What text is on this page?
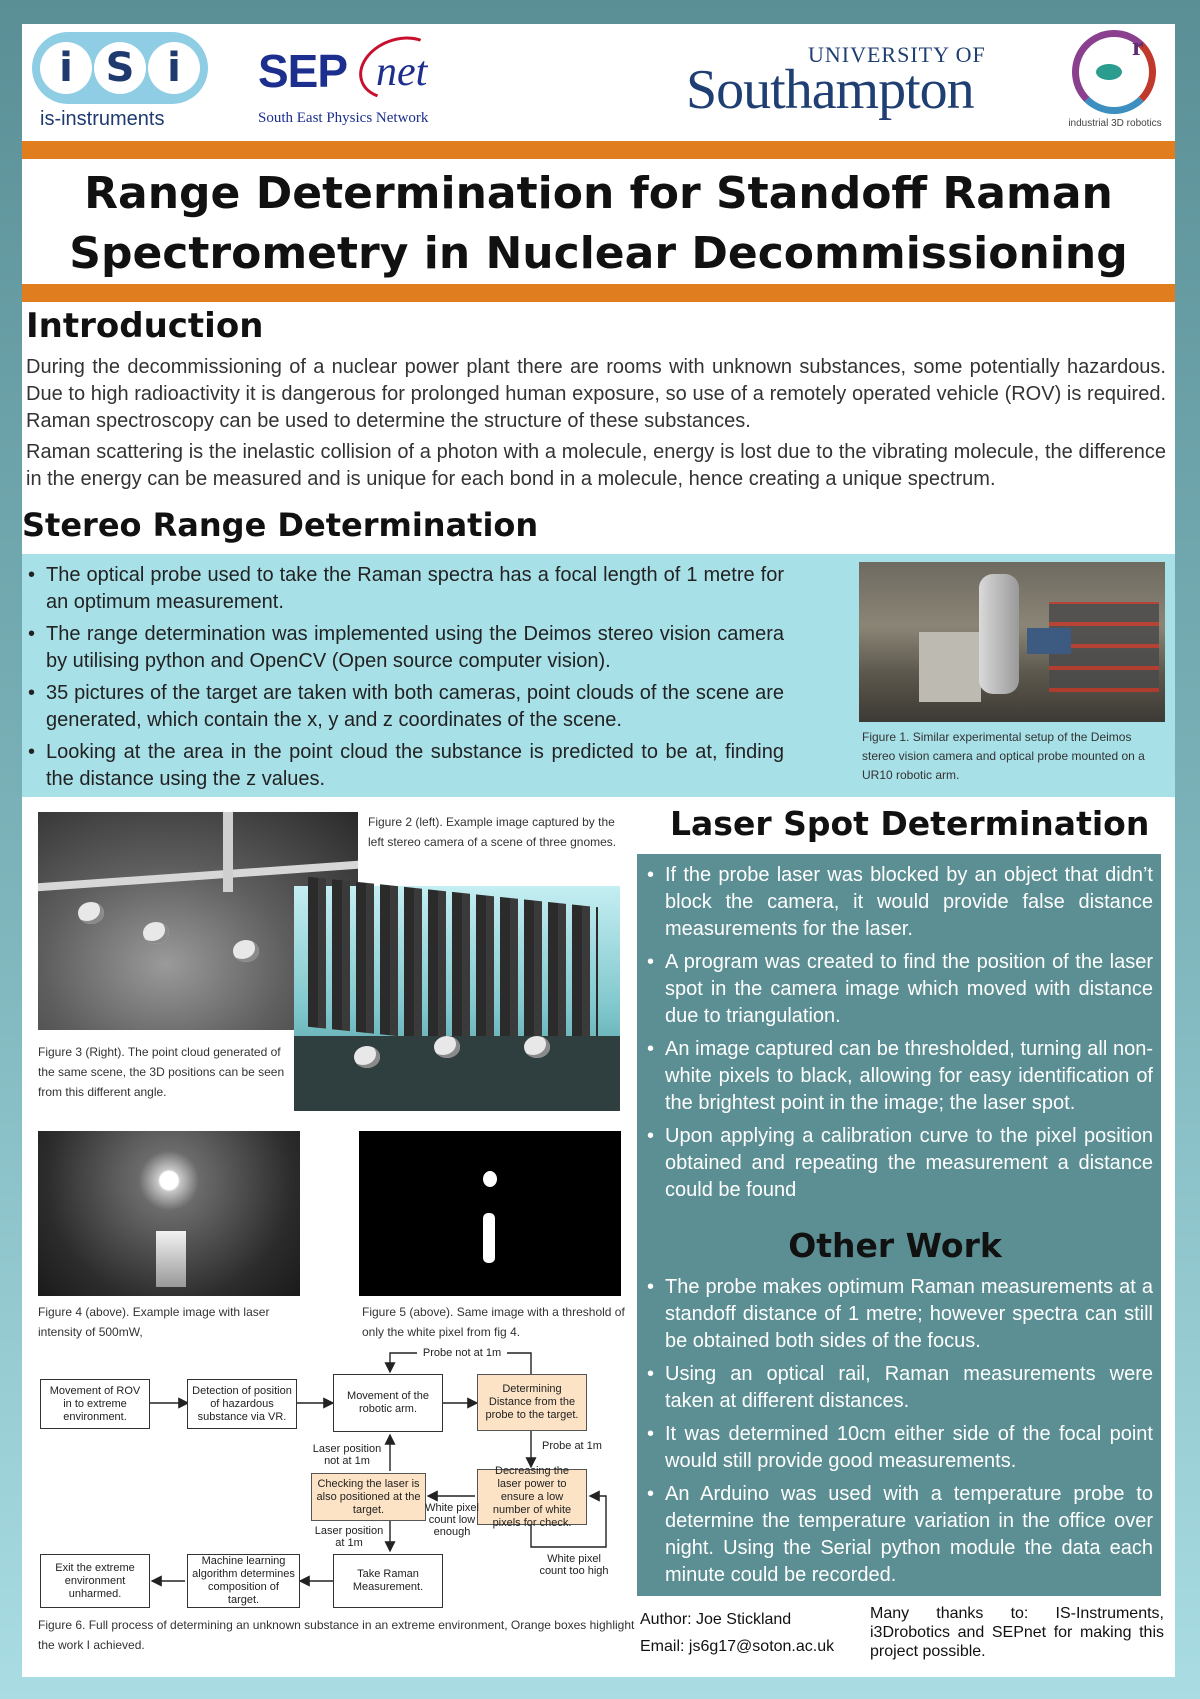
i S i
is-instruments
SEP net
South East Physics Network
UNIVERSITY OF
Southampton
r
industrial 3D robotics
Range Determination for Standoff Raman
Spectrometry in Nuclear Decommissioning
Introduction

During the decommissioning of a nuclear power plant there are rooms with unknown substances, some potentially hazardous. Due to high radioactivity it is dangerous for prolonged human exposure, so use of a remotely operated vehicle (ROV) is required. Raman spectroscopy can be used to determine the structure of these substances.

Raman scattering is the inelastic collision of a photon with a molecule, energy is lost due to the vibrating molecule, the difference in the energy can be measured and is unique for each bond in a molecule, hence creating a unique spectrum.

Stereo Range Determination
• The optical probe used to take the Raman spectra has a focal length of 1 metre for an optimum measurement.
• The range determination was implemented using the Deimos stereo vision camera by utilising python and OpenCV (Open source computer vision).
• 35 pictures of the target are taken with both cameras, point clouds of the scene are generated, which contain the x, y and z coordinates of the scene.
• Looking at the area in the point cloud the substance is predicted to be at, finding the distance using the z values.
Figure 1. Similar experimental setup of the Deimos stereo vision camera and optical probe mounted on a UR10 robotic arm.
Figure 2 (left). Example image captured by the left stereo camera of a scene of three gnomes.
Figure 3 (Right). The point cloud generated of the same scene, the 3D positions can be seen from this different angle.
Figure 4 (above). Example image with laser intensity of 500mW,
Figure 5 (above). Same image with a threshold of only the white pixel from fig 4.
Movement of ROV in to extreme environment.
Detection of position of hazardous substance via VR.
Movement of the robotic arm.
Determining Distance from the probe to the target.
Checking the laser is also positioned at the target.
Decreasing the laser power to ensure a low number of white pixels for check.
Exit the extreme environment unharmed.
Machine learning algorithm determines composition of target.
Take Raman Measurement.
Probe not at 1m
Probe at 1m
Laser position not at 1m
Laser position at 1m
White pixel count low enough
White pixel count too high
Figure 6. Full process of determining an unknown substance in an extreme environment, Orange boxes highlight the work I achieved.
Laser Spot Determination
• If the probe laser was blocked by an object that didn’t block the camera, it would provide false distance measurements for the laser.
• A program was created to find the position of the laser spot in the camera image which moved with distance due to triangulation.
• An image captured can be thresholded, turning all non-white pixels to black, allowing for easy identification of the brightest point in the image; the laser spot.
• Upon applying a calibration curve to the pixel position obtained and repeating the measurement a distance could be found
Other Work
• The probe makes optimum Raman measurements at a standoff distance of 1 metre; however spectra can still be obtained both sides of the focus.
• Using an optical rail, Raman measurements were taken at different distances.
• It was determined 10cm either side of the focal point would still provide good measurements.
• An Arduino was used with a temperature probe to determine the temperature variation in the office over night. Using the Serial python module the data each minute could be recorded.
Author: Joe Stickland
Email: js6g17@soton.ac.uk
Many thanks to: IS-Instruments, i3Drobotics and SEPnet for making this project possible.
